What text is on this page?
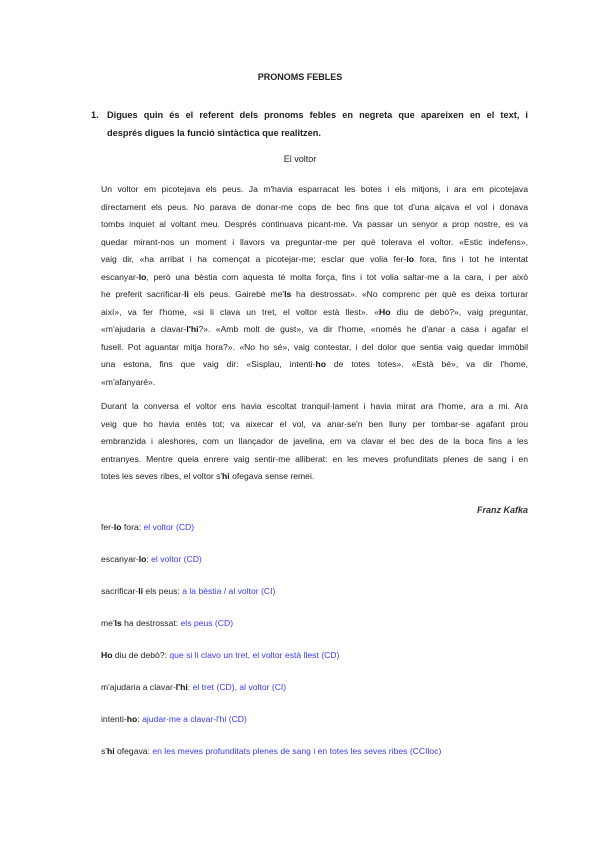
PRONOMS FEBLES
1. Digues quin és el referent dels pronoms febles en negreta que apareixen en el text, i
després digues la funció sintàctica que realitzen.
El voltor
Un voltor em picotejava els peus. Ja m'havia esparracat les botes i els mitjons, i ara em picotejava
directament els peus. No parava de donar-me cops de bec fins que tot d'una alçava el vol i donava
tombs inquiet al voltant meu. Després continuava picant-me. Va passar un senyor a prop nostre, es va
quedar mirant-nos un moment i llavors va preguntar-me per què tolerava el voltor. «Estic indefens»,
vaig dir, «ha arribat i ha començat a picotejar-me; esclar que volia fer-lo fora, fins i tot he intentat
escanyar-lo, però una bèstia com aquesta té molta força, fins i tot volia saltar-me a la cara, i per això
he preferit sacrificar-li els peus. Gairebé me'ls ha destrossat». «No comprenc per què es deixa torturar
així», va fer l'home, «si li clava un tret, el voltor està llest». «Ho diu de debò?», vaig preguntar,
«m'ajudaria a clavar-l'hi?». «Amb molt de gust», va dir l'home, «només he d'anar a casa i agafar el
fusell. Pot aguantar mitja hora?». «No ho sé», vaig contestar, i del dolor que sentia vaig quedar immòbil
una estona, fins que vaig dir: «Sisplau, intenti-ho de totes totes». «Està bé», va dir l'home,
«m'afanyaré».
Durant la conversa el voltor ens havia escoltat tranquil·lament i havia mirat ara l'home, ara a mi. Ara
veig que ho havia entès tot; va aixecar el vol, va anar-se'n ben lluny per tombar-se agafant prou
embranzida i aleshores, com un llançador de javelina, em va clavar el bec des de la boca fins a les
entranyes. Mentre queia enrere vaig sentir-me alliberat: en les meves profunditats plenes de sang i en
totes les seves ribes, el voltor s'hi ofegava sense remei.
Franz Kafka
fer-lo fora: el voltor (CD)
escanyar-lo: el voltor (CD)
sacrificar-li els peus: a la bèstia / al voltor (CI)
me'ls ha destrossat: els peus (CD)
Ho diu de debò?: que si li clavo un tret, el voltor està llest (CD)
m'ajudaria a clavar-l'hi: el tret (CD), al voltor (CI)
intenti-ho: ajudar-me a clavar-l'hi (CD)
s'hi ofegava: en les meves profunditats plenes de sang i en totes les seves ribes (CCIloc)
